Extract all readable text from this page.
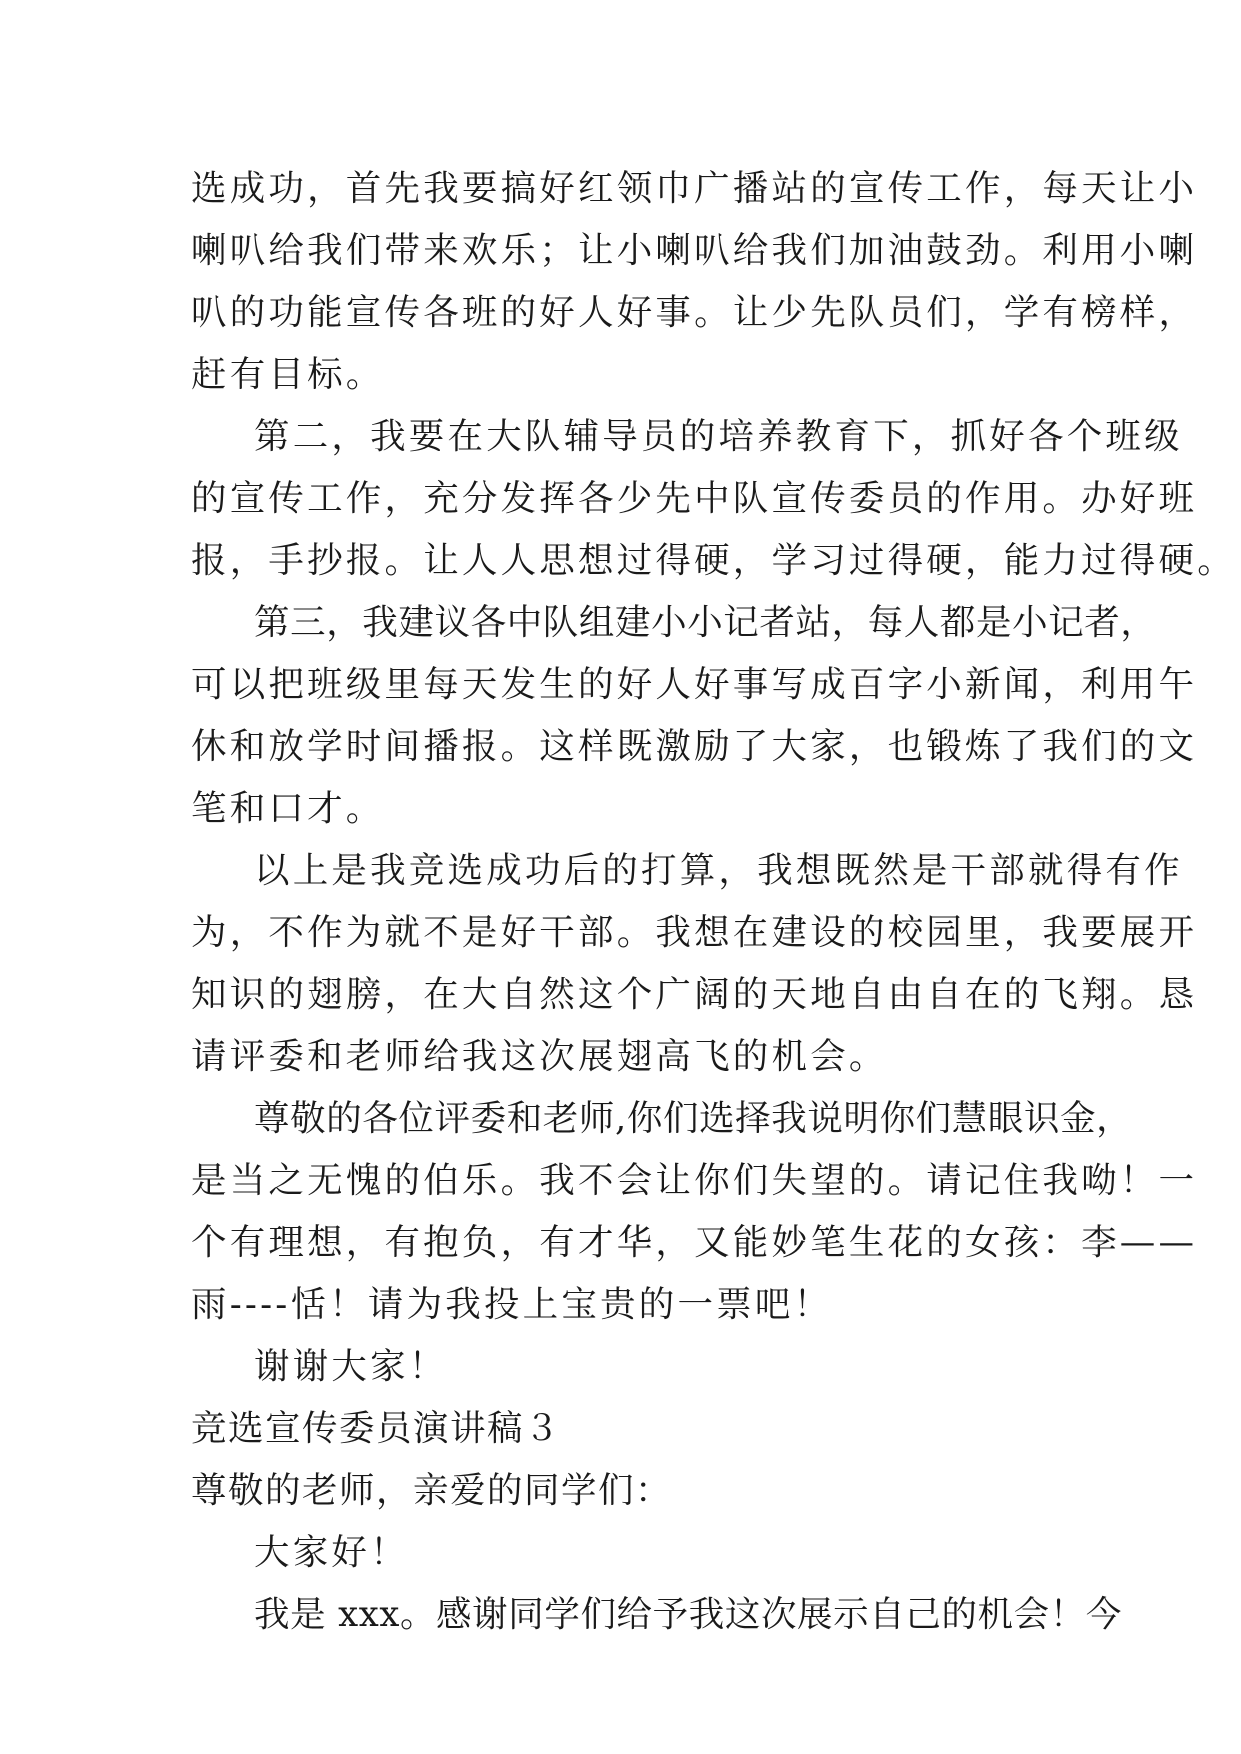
选成功，首先我要搞好红领巾广播站的宣传工作，每天让小
喇叭给我们带来欢乐；让小喇叭给我们加油鼓劲。利用小喇
叭的功能宣传各班的好人好事。让少先队员们，学有榜样，
赶有目标。
第二，我要在大队辅导员的培养教育下，抓好各个班级
的宣传工作，充分发挥各少先中队宣传委员的作用。办好班
报，手抄报。让人人思想过得硬，学习过得硬，能力过得硬。
第三，我建议各中队组建小小记者站，每人都是小记者，
可以把班级里每天发生的好人好事写成百字小新闻，利用午
休和放学时间播报。这样既激励了大家，也锻炼了我们的文
笔和口才。
以上是我竞选成功后的打算，我想既然是干部就得有作
为，不作为就不是好干部。我想在建设的校园里，我要展开
知识的翅膀，在大自然这个广阔的天地自由自在的飞翔。恳
请评委和老师给我这次展翅高飞的机会。
尊敬的各位评委和老师,你们选择我说明你们慧眼识金，
是当之无愧的伯乐。我不会让你们失望的。请记住我呦！一
个有理想，有抱负，有才华，又能妙笔生花的女孩：李——
雨----恬！请为我投上宝贵的一票吧！
谢谢大家！
竞选宣传委员演讲稿３
尊敬的老师，亲爱的同学们：
大家好！
我是 xxx。感谢同学们给予我这次展示自己的机会！今
